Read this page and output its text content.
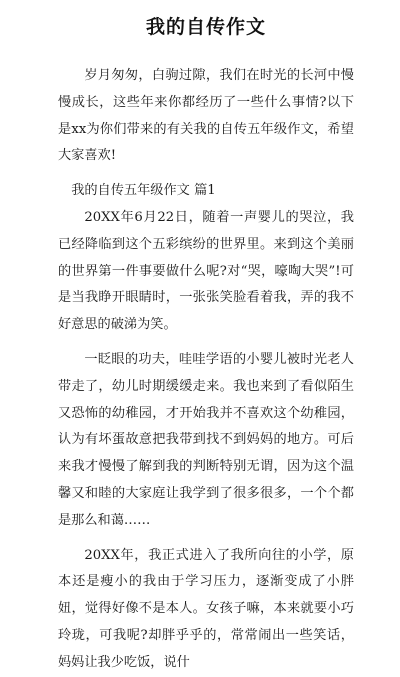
我的自传作文

岁月匆匆，白驹过隙，我们在时光的长河中慢慢成长，这些年来你都经历了一些什么事情?以下是xx为你们带来的有关我的自传五年级作文，希望大家喜欢!

我的自传五年级作文 篇1

20XX年6月22日，随着一声婴儿的哭泣，我已经降临到这个五彩缤纷的世界里。来到这个美丽的世界第一件事要做什么呢?对“哭，嚎啕大哭”!可是当我睁开眼睛时，一张张笑脸看着我，弄的我不好意思的破涕为笑。

一眨眼的功夫，哇哇学语的小婴儿被时光老人带走了，幼儿时期缓缓走来。我也来到了看似陌生又恐怖的幼稚园，才开始我并不喜欢这个幼稚园，认为有坏蛋故意把我带到找不到妈妈的地方。可后来我才慢慢了解到我的判断特别无谓，因为这个温馨又和睦的大家庭让我学到了很多很多，一个个都是那么和蔼……

20XX年，我正式进入了我所向往的小学，原本还是瘦小的我由于学习压力，逐渐变成了小胖妞，觉得好像不是本人。女孩子嘛，本来就要小巧玲珑，可我呢?却胖乎乎的，常常闹出一些笑话，妈妈让我少吃饭，说什
